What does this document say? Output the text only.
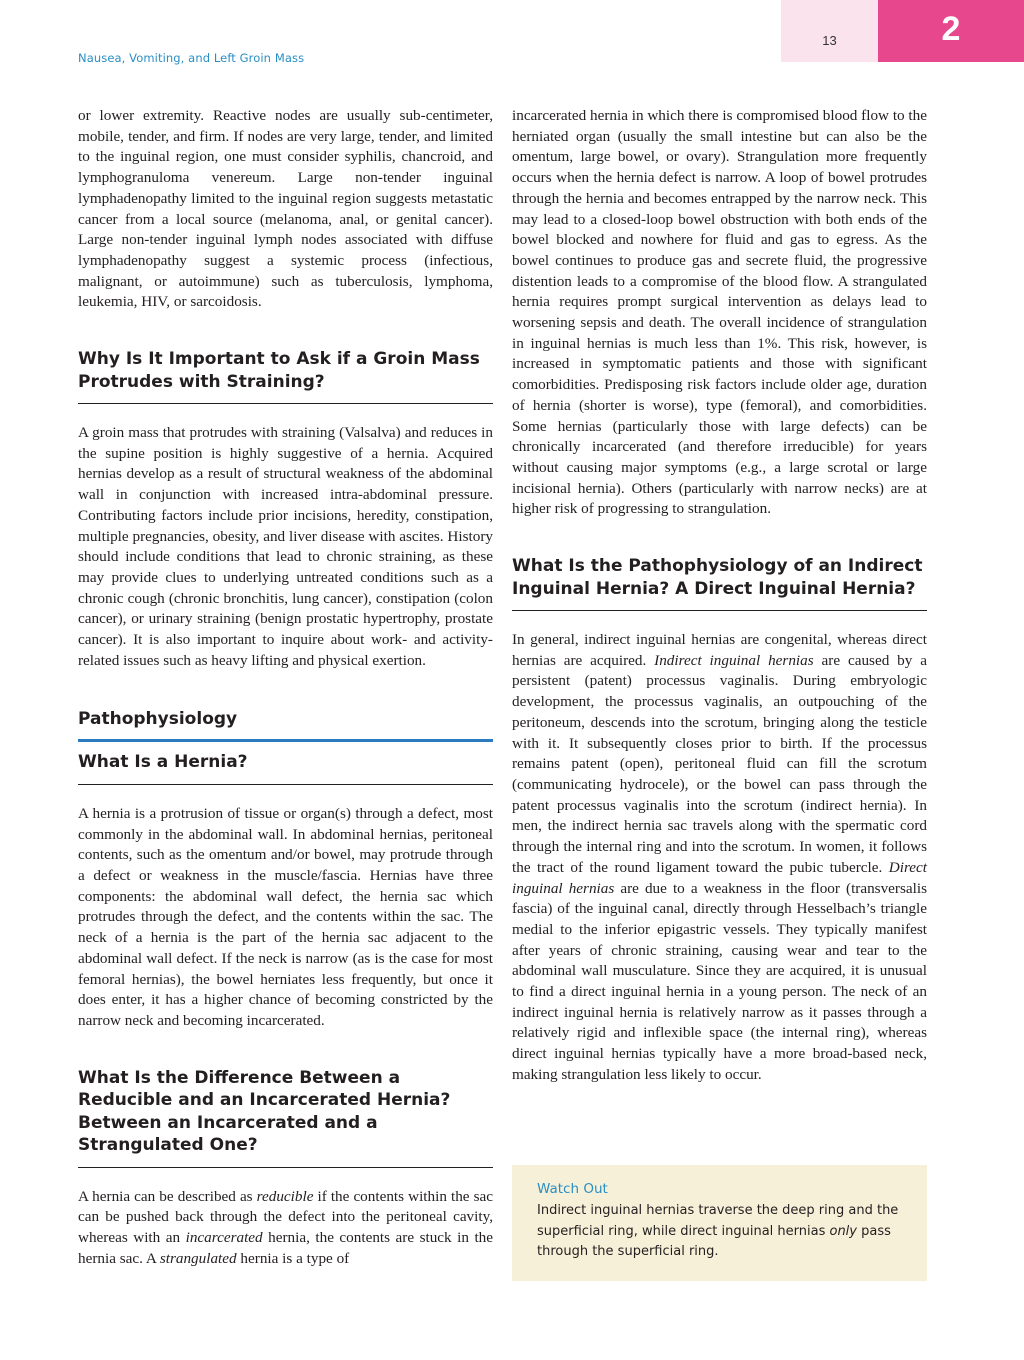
Nausea, Vomiting, and Left Groin Mass
13	2

or lower extremity. Reactive nodes are usually sub-centimeter, mobile, tender, and firm. If nodes are very large, tender, and limited to the inguinal region, one must consider syphilis, chancroid, and lymphogranuloma venereum. Large non-tender inguinal lymphadenopathy limited to the inguinal region suggests metastatic cancer from a local source (melanoma, anal, or genital cancer). Large non-tender inguinal lymph nodes associated with diffuse lymphadenopathy suggest a systemic process (infectious, malignant, or autoimmune) such as tuberculosis, lymphoma, leukemia, HIV, or sarcoidosis.

Why Is It Important to Ask if a Groin Mass Protrudes with Straining?

A groin mass that protrudes with straining (Valsalva) and reduces in the supine position is highly suggestive of a hernia. Acquired hernias develop as a result of structural weakness of the abdominal wall in conjunction with increased intra-abdominal pressure. Contributing factors include prior incisions, heredity, constipation, multiple pregnancies, obesity, and liver disease with ascites. History should include conditions that lead to chronic straining, as these may provide clues to underlying untreated conditions such as a chronic cough (chronic bronchitis, lung cancer), constipation (colon cancer), or urinary straining (benign prostatic hypertrophy, prostate cancer). It is also important to inquire about work- and activity-related issues such as heavy lifting and physical exertion.

Pathophysiology
What Is a Hernia?

A hernia is a protrusion of tissue or organ(s) through a defect, most commonly in the abdominal wall. In abdominal hernias, peritoneal contents, such as the omentum and/or bowel, may protrude through a defect or weakness in the muscle/fascia. Hernias have three components: the abdominal wall defect, the hernia sac which protrudes through the defect, and the contents within the sac. The neck of a hernia is the part of the hernia sac adjacent to the abdominal wall defect. If the neck is narrow (as is the case for most femoral hernias), the bowel herniates less frequently, but once it does enter, it has a higher chance of becoming constricted by the narrow neck and becoming incarcerated.

What Is the Difference Between a Reducible and an Incarcerated Hernia? Between an Incarcerated and a Strangulated One?

A hernia can be described as reducible if the contents within the sac can be pushed back through the defect into the peritoneal cavity, whereas with an incarcerated hernia, the contents are stuck in the hernia sac. A strangulated hernia is a type of

incarcerated hernia in which there is compromised blood flow to the herniated organ (usually the small intestine but can also be the omentum, large bowel, or ovary). Strangulation more frequently occurs when the hernia defect is narrow. A loop of bowel protrudes through the hernia and becomes entrapped by the narrow neck. This may lead to a closed-loop bowel obstruction with both ends of the bowel blocked and nowhere for fluid and gas to egress. As the bowel continues to produce gas and secrete fluid, the progressive distention leads to a compromise of the blood flow. A strangulated hernia requires prompt surgical intervention as delays lead to worsening sepsis and death. The overall incidence of strangulation in inguinal hernias is much less than 1%. This risk, however, is increased in symptomatic patients and those with significant comorbidities. Predisposing risk factors include older age, duration of hernia (shorter is worse), type (femoral), and comorbidities. Some hernias (particularly those with large defects) can be chronically incarcerated (and therefore irreducible) for years without causing major symptoms (e.g., a large scrotal or large incisional hernia). Others (particularly with narrow necks) are at higher risk of progressing to strangulation.

What Is the Pathophysiology of an Indirect Inguinal Hernia? A Direct Inguinal Hernia?

In general, indirect inguinal hernias are congenital, whereas direct hernias are acquired. Indirect inguinal hernias are caused by a persistent (patent) processus vaginalis. During embryologic development, the processus vaginalis, an outpouching of the peritoneum, descends into the scrotum, bringing along the testicle with it. It subsequently closes prior to birth. If the processus remains patent (open), peritoneal fluid can fill the scrotum (communicating hydrocele), or the bowel can pass through the patent processus vaginalis into the scrotum (indirect hernia). In men, the indirect hernia sac travels along with the spermatic cord through the internal ring and into the scrotum. In women, it follows the tract of the round ligament toward the pubic tubercle. Direct inguinal hernias are due to a weakness in the floor (transversalis fascia) of the inguinal canal, directly through Hesselbach’s triangle medial to the inferior epigastric vessels. They typically manifest after years of chronic straining, causing wear and tear to the abdominal wall musculature. Since they are acquired, it is unusual to find a direct inguinal hernia in a young person. The neck of an indirect inguinal hernia is relatively narrow as it passes through a relatively rigid and inflexible space (the internal ring), whereas direct inguinal hernias typically have a more broad-based neck, making strangulation less likely to occur.

Watch Out
Indirect inguinal hernias traverse the deep ring and the superficial ring, while direct inguinal hernias only pass through the superficial ring.
